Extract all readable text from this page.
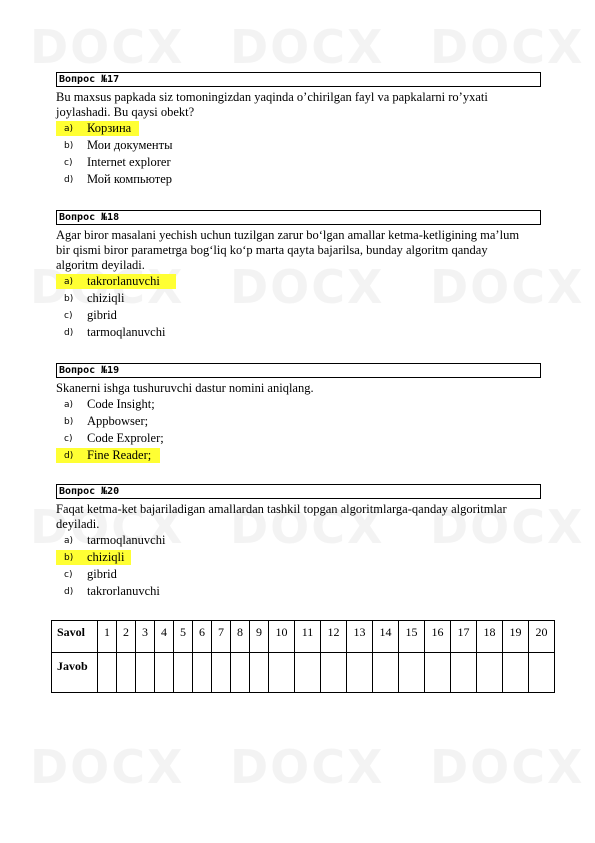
Вопрос №17
Bu maxsus papkada siz tomoningizdan yaqinda o’chirilgan fayl va papkalarni ro’yxati joylashadi. Bu qaysi obekt?
a) Корзина
b) Мои документы
c) Internet explorer
d) Мой компьютер
Вопрос №18
Agar biror masalani yechish uchun tuzilgan zarur bo‘lgan amallar ketma-ketligining ma’lum bir qismi biror parametrga bog‘liq ko‘p marta qayta bajarilsa, bunday algoritm qanday algoritm deyiladi.
a) takrorlanuvchi
b) chiziqli
c) gibrid
d) tarmoqlanuvchi
Вопрос №19
Skanerni ishga tushuruvchi dastur nomini aniqlang.
a) Code Insight;
b) Appbowser;
c) Code Exproler;
d) Fine Reader;
Вопрос №20
Faqat ketma-ket bajariladigan amallardan tashkil topgan algoritmlarga-qanday algoritmlar deyiladi.
a) tarmoqlanuvchi
b) chiziqli
c) gibrid
d) takrorlanuvchi
Savol	1	2	3	4	5	6	7	8	9	10	11	12	13	14	15	16	17	18	19	20
Javob																				
